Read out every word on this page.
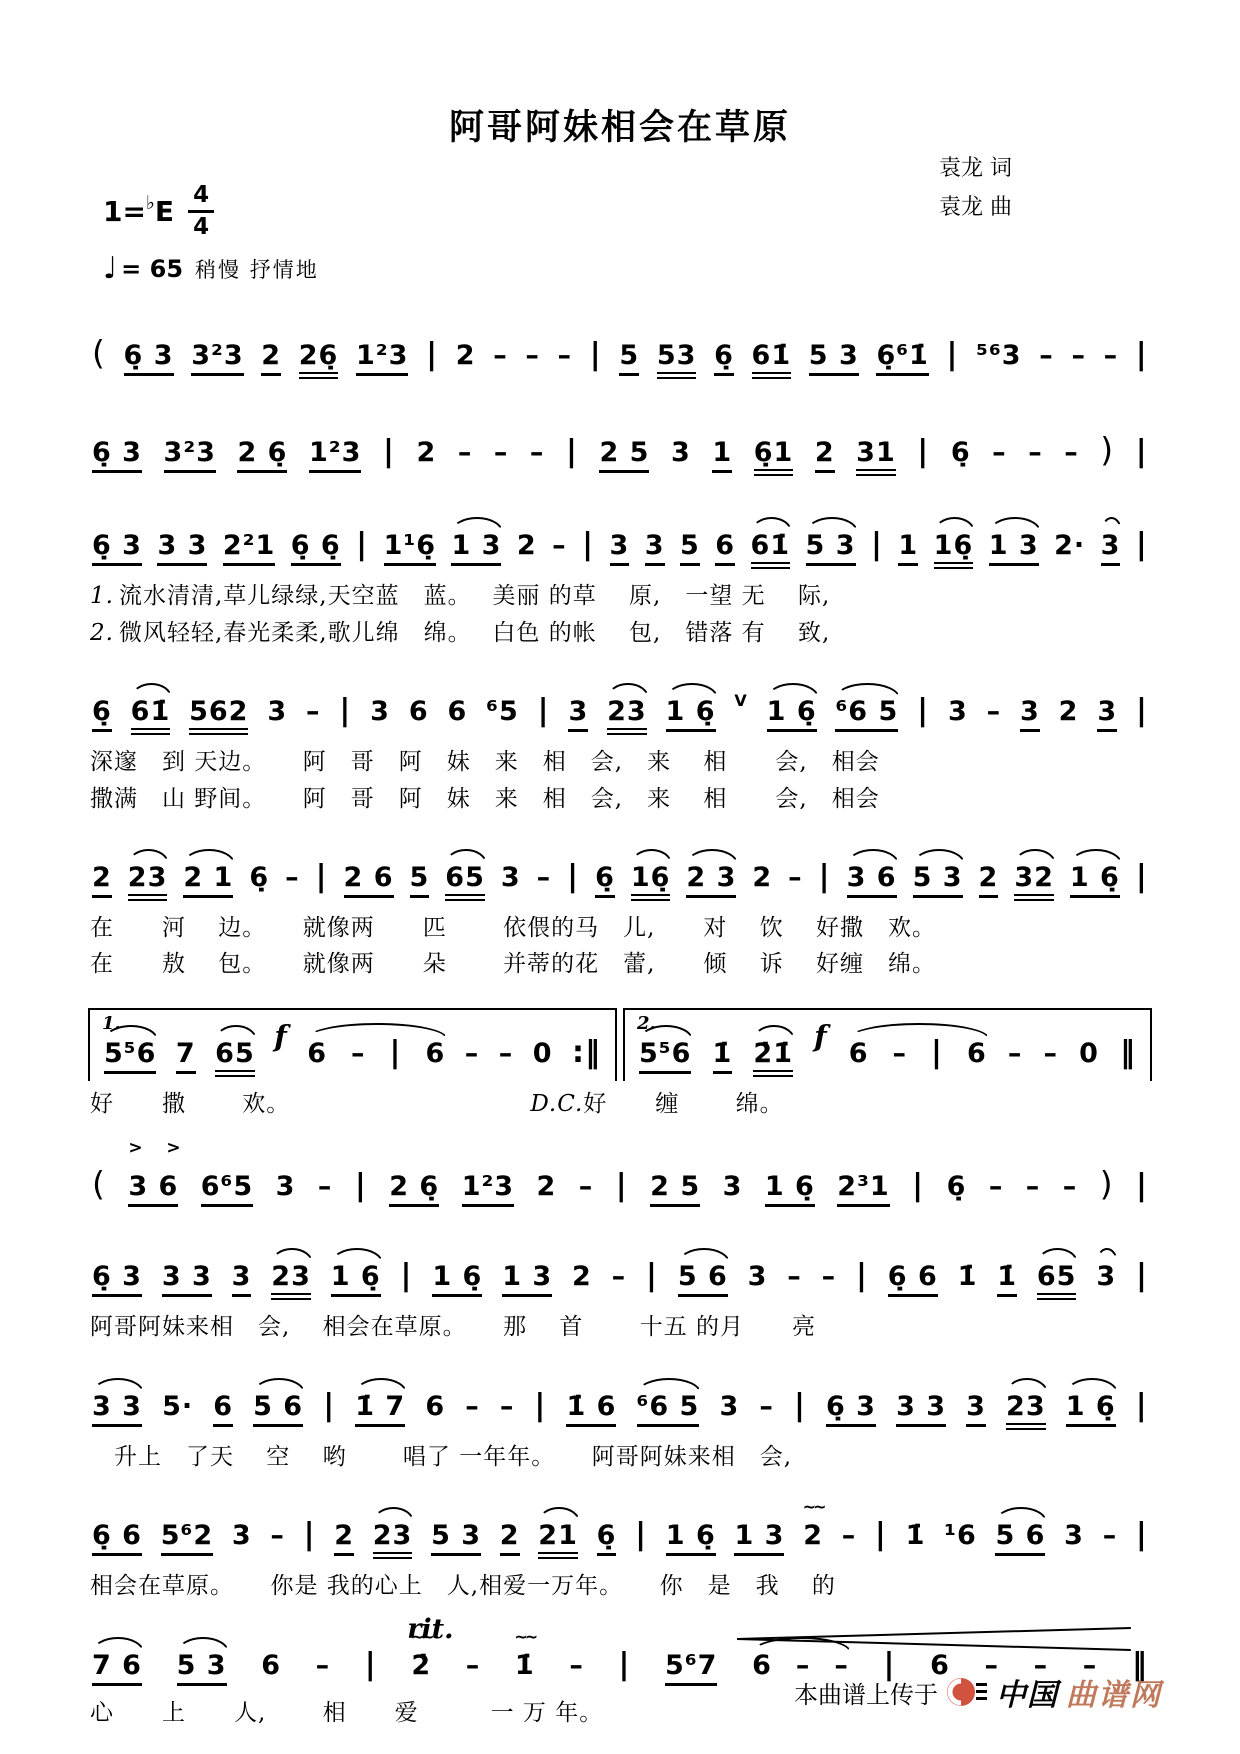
阿哥阿妹相会在草原
袁龙 词
袁龙 曲
1= ♭ E $\frac{4}{4}$
♩ = 65 稍慢 抒情地
( 6̣ 3 3²3 2 26̣ 1²3 | 2 – – – | 5 53 6̣ 61̇ 5 3 6̣⁶1̇ | ⁵⁶3 – – – |
6̣ 3 3²3 2 6̣ 1²3 | 2 – – – | 2 5 3 1 6̣1 2 31 | 6̣ – – – ) |
6̣ 3 3 3 2²1 6̣ 6̣ | 1¹6̣ 1 3 2 – | 3 3 5 6 61̇ 5 3 | 1 16̣ 1 3 2· 3 |
1. 流水清清,草儿绿绿,天空蓝　蓝。　 美丽 的草　 原,　一望 无　 际,
2. 微风轻轻,春光柔柔,歌儿绵　绵。　 白色 的帐　 包,　错落 有　 致,
6̣ 61̇ 562 3 – | 3 6 6 ⁶5 | 3 23 1 6̣ V 1 6̣ ⁶6 5 | 3 – 3 2 3 |
深邃　到 天边。　　阿　哥　阿　妹　来　相　会,　来　 相　　会,　相会
撒满　山 野间。　　阿　哥　阿　妹　来　相　会,　来　 相　　会,　相会
2 23 2 1 6̣ – | 2 6 5 65 3 – | 6̣ 16̣ 2 3 2 – | 3 6 5 3 2 32 1 6̣ |
在　　河　 边。　　就像两　　匹　　 依偎的马　儿,　　对　 饮　 好撒　欢。
在　　敖　 包。　　就像两　　朵　　 并蒂的花　蕾,　　倾　 诉　 好缠　绵。
1.
5⁵6 7 65
f
6 – | 6 – – 0 :‖
2.
5⁵6 1̇ 2̇1̇
f
6 – | 6 – – 0 ‖
好　　撒　　 欢。
　　　　　　　　　　	D.C. 好　　缠　　 绵。
( 3 6 >  > 6⁶5 3 – | 2 6̣ 1²3 2 – | 2 5 3 1 6̣ 2³1 | 6̣ – – – ) |
6̣ 3 3 3 3 23 1 6̣ | 1 6̣ 1 3 2 – | 5 6 3 – – | 6̣ 6 1̇ 1̇ 65 3 |
阿哥阿妹来相　会,　 相会在草原。　　那　 首　　 十五 的月　　亮
3 3 5· 6 5 6 | 1̇ 7 6 – – | 1̇ 6 ⁶6 5 3 – | 6̣ 3 3 3 3 23 1 6̣ |
　升上　了天　 空　 哟　　 唱了 一年年。　　阿哥阿妹来相　会,
6̣ 6 5⁶2 3 – | 2 23 5 3 2 21 6̣ | 1 6̣ 1 3 2 ~~ – | 1̇ ¹6 5 6 3 – |
相会在草原。　　你是 我的心上　人,相爱一万年。　　你　是　我　 的
7 6 5 3 6 – | 2̇ ~~ – 1̇ ~~ – | 5⁶7 6 – – | 6 – – – ‖
rit.
心　　上　　人,　　 相　　爱　　　一 万 年。
本曲谱上传于 中国 曲谱网
